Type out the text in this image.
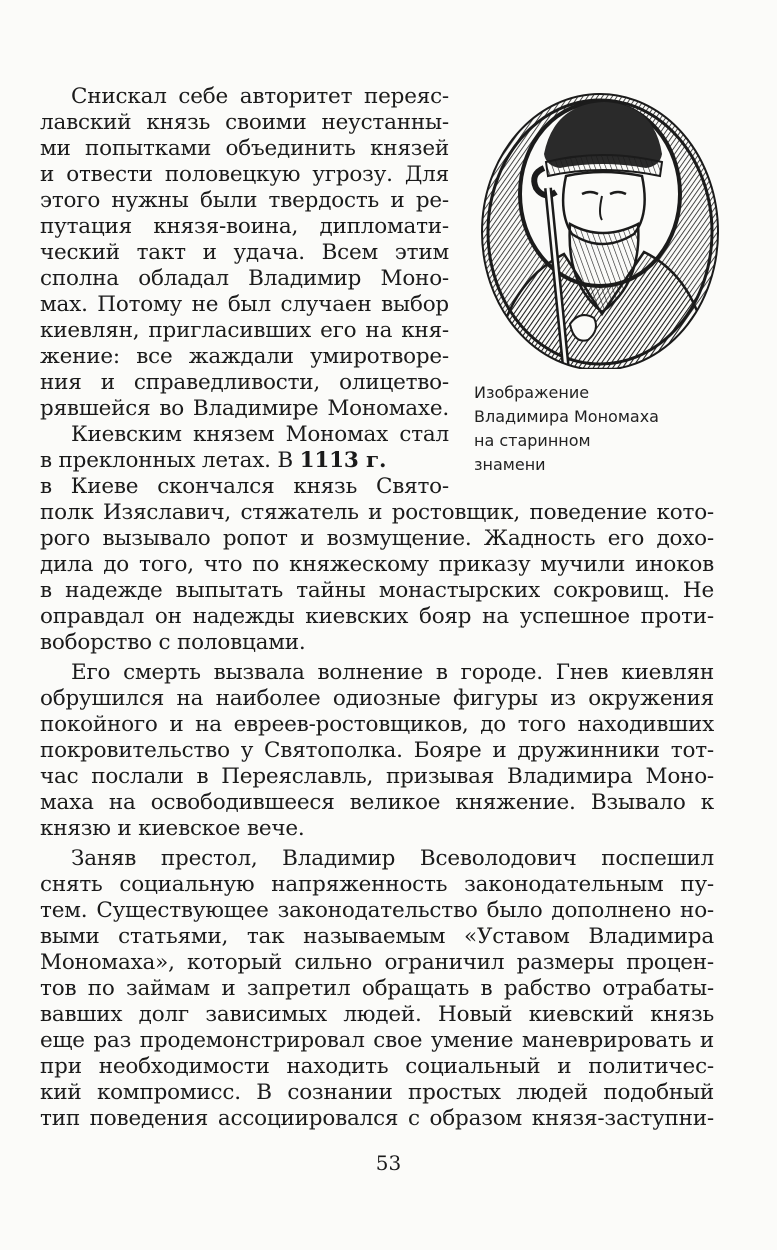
Изображение
Владимира Мономаха
на старинном
знамени
Снискал себе авторитет переяс-
лавский князь своими неустанны-
ми попытками объединить князей
и отвести половецкую угрозу. Для
этого нужны были твердость и ре-
путация князя-воина, дипломати-
ческий такт и удача. Всем этим
сполна обладал Владимир Моно-
мах. Потому не был случаен выбор
киевлян, пригласивших его на кня-
жение: все жаждали умиротворе-
ния и справедливости, олицетво-
рявшейся во Владимире Мономахе.
Киевским князем Мономах стал
в преклонных летах. В 1113 г.
в Киеве скончался князь Свято-
полк Изяславич, стяжатель и ростовщик, поведение кото-
рого вызывало ропот и возмущение. Жадность его дохо-
дила до того, что по княжескому приказу мучили иноков
в надежде выпытать тайны монастырских сокровищ. Не
оправдал он надежды киевских бояр на успешное проти-
воборство с половцами.
Его смерть вызвала волнение в городе. Гнев киевлян
обрушился на наиболее одиозные фигуры из окружения
покойного и на евреев-ростовщиков, до того находивших
покровительство у Святополка. Бояре и дружинники тот-
час послали в Переяславль, призывая Владимира Моно-
маха на освободившееся великое княжение. Взывало к
князю и киевское вече.
Заняв престол, Владимир Всеволодович поспешил
снять социальную напряженность законодательным пу-
тем. Существующее законодательство было дополнено но-
выми статьями, так называемым «Уставом Владимира
Мономаха», который сильно ограничил размеры процен-
тов по займам и запретил обращать в рабство отрабаты-
вавших долг зависимых людей. Новый киевский князь
еще раз продемонстрировал свое умение маневрировать и
при необходимости находить социальный и политичес-
кий компромисс. В сознании простых людей подобный
тип поведения ассоциировался с образом князя-заступни-
53
